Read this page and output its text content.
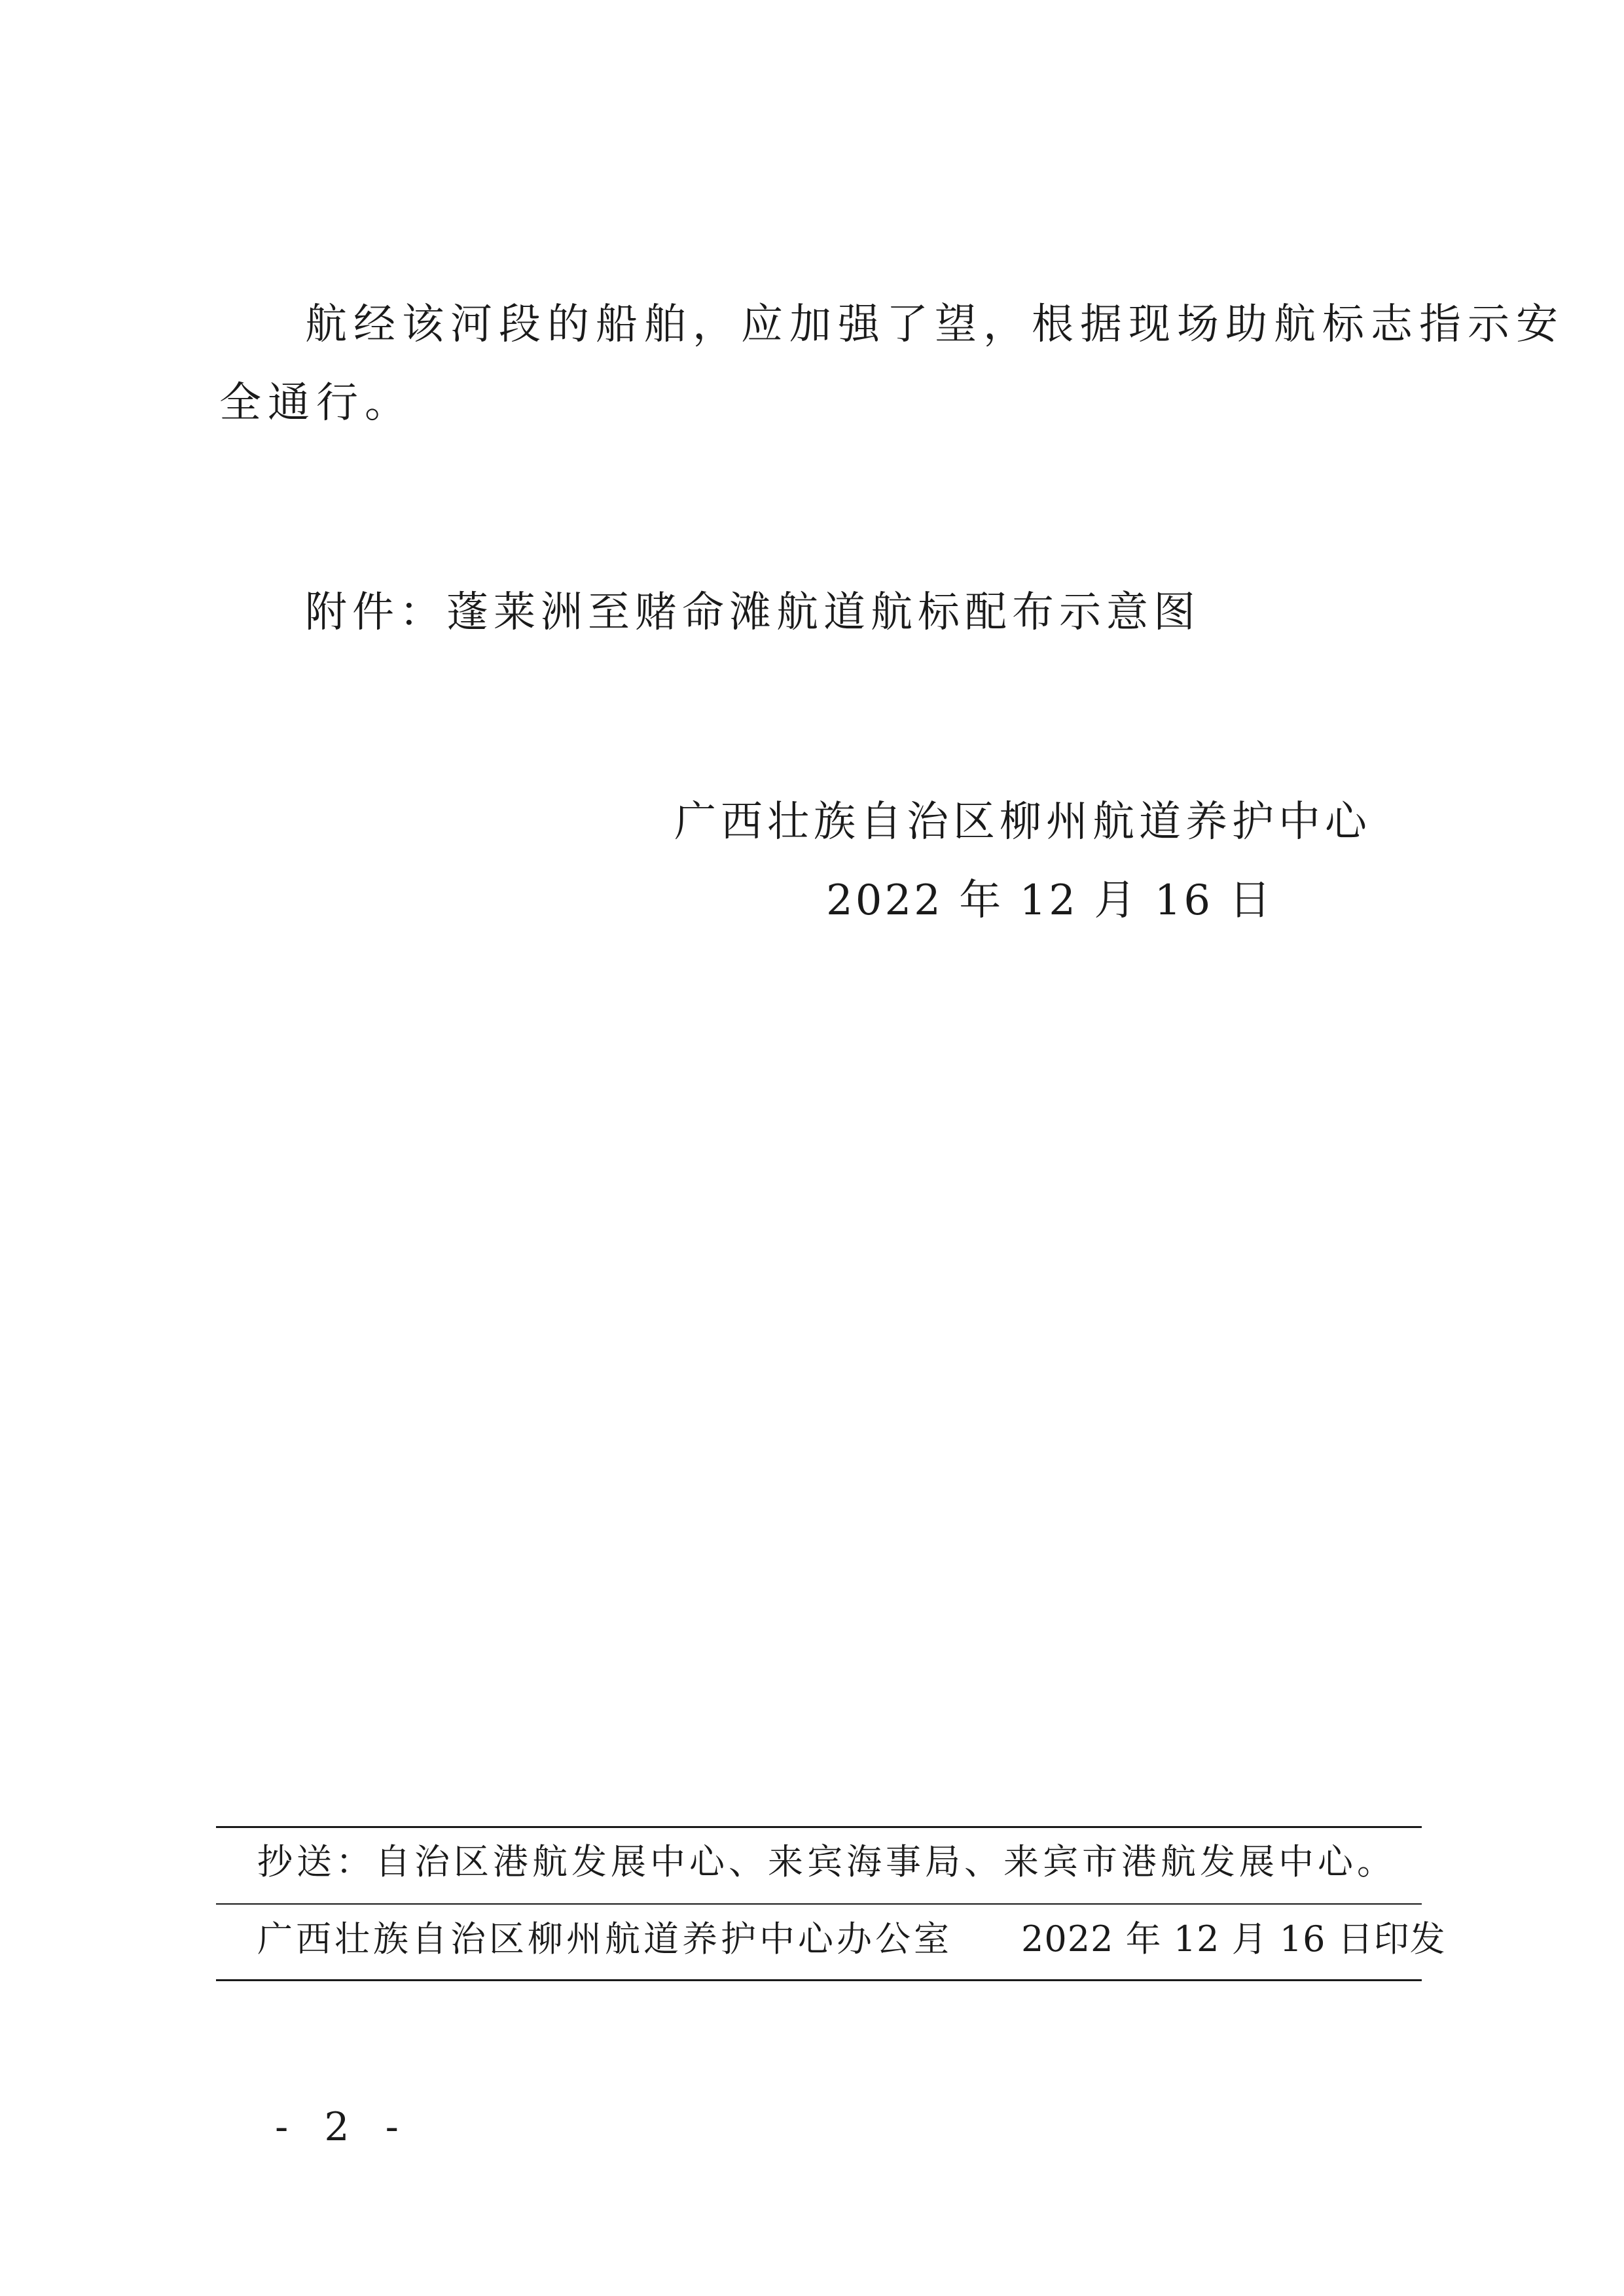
航经该河段的船舶，应加强了望，根据现场助航标志指示安
全通行。
附件：蓬莱洲至赌命滩航道航标配布示意图
广西壮族自治区柳州航道养护中心
2022 年 12 月 16 日
抄送：自治区港航发展中心、来宾海事局、来宾市港航发展中心。
广西壮族自治区柳州航道养护中心办公室 2022 年 12 月 16 日印发
- 2 -
